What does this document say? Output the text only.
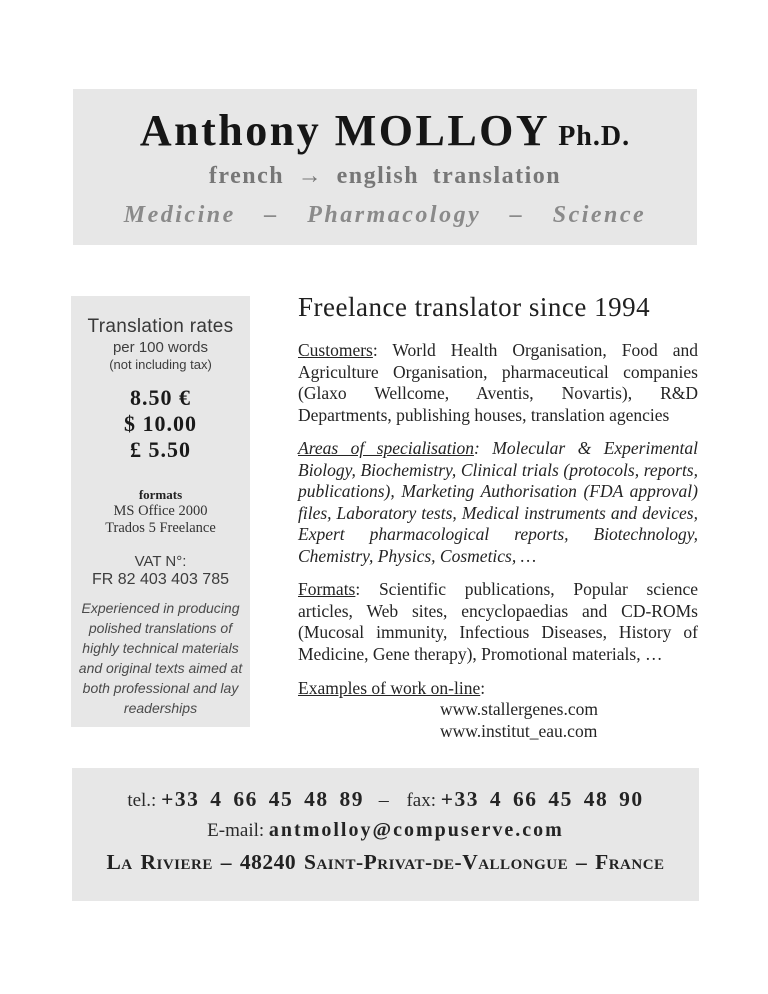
Anthony MOLLOY Ph.D.
french → english translation
Medicine – Pharmacology – Science
Translation rates
per 100 words
(not including tax)
8.50 €
$ 10.00
£ 5.50
formats
MS Office 2000
Trados 5 Freelance
VAT N°:
FR 82 403 403 785

Experienced in producing polished translations of highly technical materials and original texts aimed at both professional and lay readerships

Freelance translator since 1994

Customers: World Health Organisation, Food and Agriculture Organisation, pharmaceutical companies (Glaxo Wellcome, Aventis, Novartis), R&D Departments, publishing houses, translation agencies

Areas of specialisation: Molecular & Experimental Biology, Biochemistry, Clinical trials (protocols, reports, publications), Marketing Authorisation (FDA approval) files, Laboratory tests, Medical instruments and devices, Expert pharmacological reports, Biotechnology, Chemistry, Physics, Cosmetics, …

Formats: Scientific publications, Popular science articles, Web sites, encyclopaedias and CD-ROMs (Mucosal immunity, Infectious Diseases, History of Medicine, Gene therapy), Promotional materials, …

Examples of work on-line:
www.stallergenes.com
www.institut_eau.com
tel.: +33 4 66 45 48 89 – fax: +33 4 66 45 48 90
E-mail: antmolloy@compuserve.com
La Riviere – 48240 Saint-Privat-de-Vallongue – France
